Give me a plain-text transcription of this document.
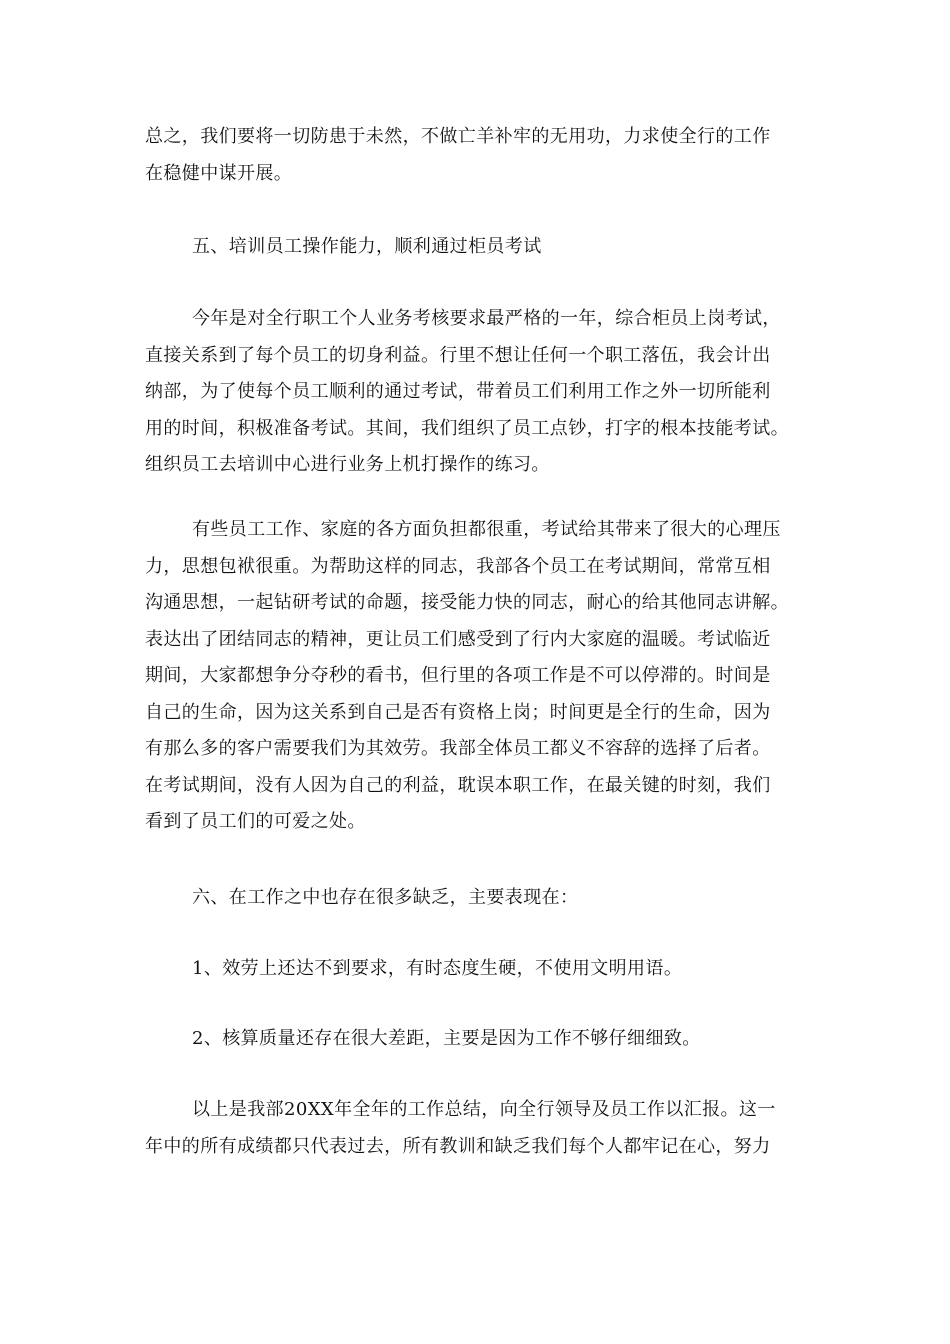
总之，我们要将一切防患于未然，不做亡羊补牢的无用功，力求使全行的工作
在稳健中谋开展。
五、培训员工操作能力，顺利通过柜员考试
今年是对全行职工个人业务考核要求最严格的一年，综合柜员上岗考试，
直接关系到了每个员工的切身利益。行里不想让任何一个职工落伍，我会计出
纳部，为了使每个员工顺利的通过考试，带着员工们利用工作之外一切所能利
用的时间，积极准备考试。其间，我们组织了员工点钞，打字的根本技能考试。
组织员工去培训中心进行业务上机打操作的练习。
有些员工工作、家庭的各方面负担都很重，考试给其带来了很大的心理压
力，思想包袱很重。为帮助这样的同志，我部各个员工在考试期间，常常互相
沟通思想，一起钻研考试的命题，接受能力快的同志，耐心的给其他同志讲解。
表达出了团结同志的精神，更让员工们感受到了行内大家庭的温暖。考试临近
期间，大家都想争分夺秒的看书，但行里的各项工作是不可以停滞的。时间是
自己的生命，因为这关系到自己是否有资格上岗；时间更是全行的生命，因为
有那么多的客户需要我们为其效劳。我部全体员工都义不容辞的选择了后者。
在考试期间，没有人因为自己的利益，耽误本职工作，在最关键的时刻，我们
看到了员工们的可爱之处。
六、在工作之中也存在很多缺乏，主要表现在：
1、效劳上还达不到要求，有时态度生硬，不使用文明用语。
2、核算质量还存在很大差距，主要是因为工作不够仔细细致。
以上是我部20XX年全年的工作总结，向全行领导及员工作以汇报。这一
年中的所有成绩都只代表过去，所有教训和缺乏我们每个人都牢记在心，努力
